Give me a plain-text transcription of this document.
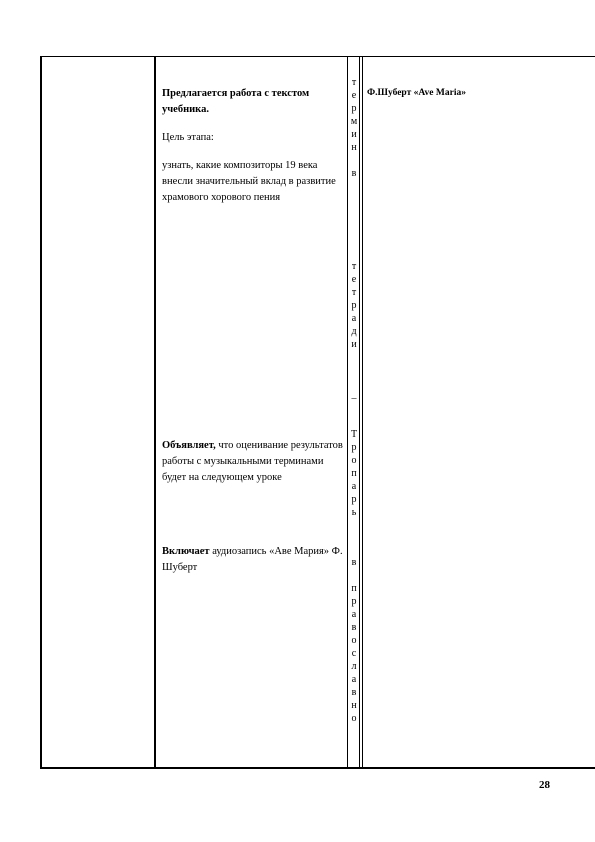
Предлагается работа с текстом учебника.

Цель этапа:

узнать, какие композиторы 19 века внесли значительный вклад в развитие храмового хорового пения

Объявляет, что оценивание результатов работы с музыкальными терминами будет на следующем уроке

Включает аудиозапись «Аве Мария» Ф. Шуберт

т
е
р
м
и
н
в
т
е
т
р
а
д
и
–
Т
р
о
п
а
р
ь
в
п
р
а
в
о
с
л
а
в
н
о
Ф.Шуберт «Ave Maria»
28
